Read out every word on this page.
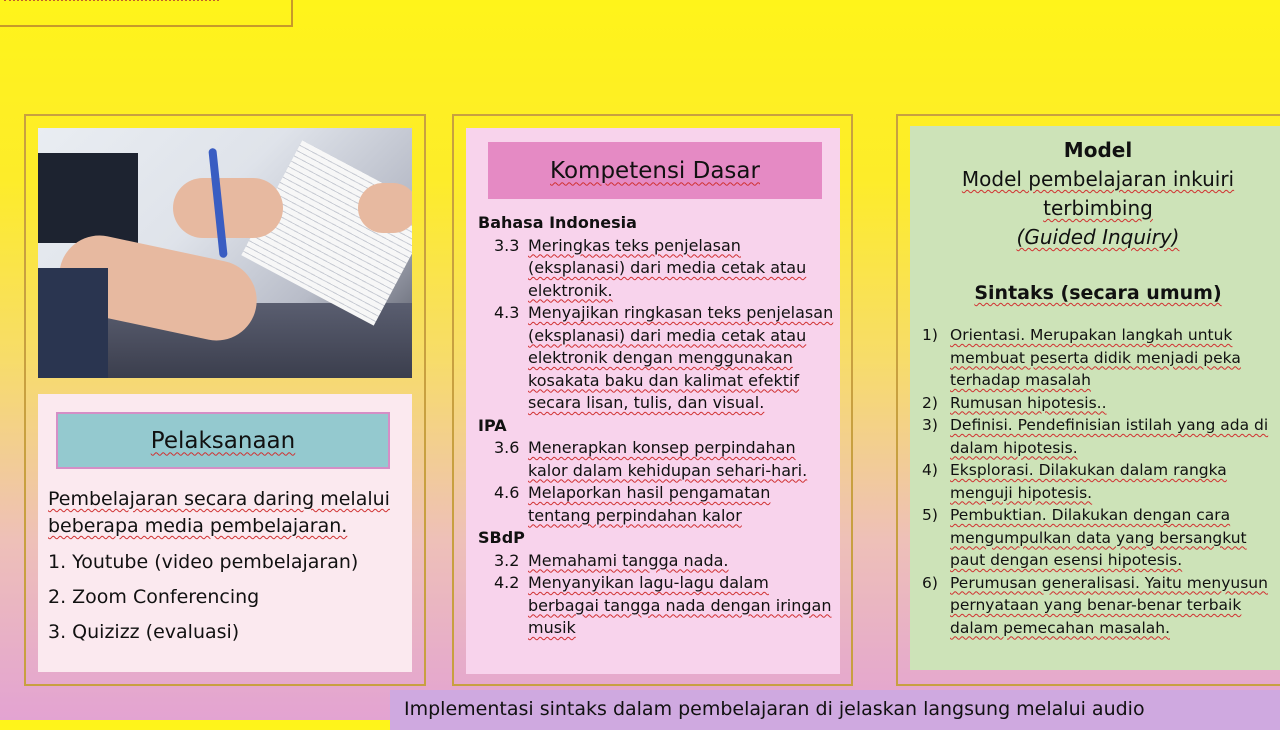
Pelaksanaan
Pembelajaran secara daring melalui beberapa media pembelajaran.
1. Youtube (video pembelajaran)
2. Zoom Conferencing
3. Quizizz (evaluasi)
Kompetensi Dasar
Bahasa Indonesia
3.3 Meringkas teks penjelasan (eksplanasi) dari media cetak atau elektronik.
4.3 Menyajikan ringkasan teks penjelasan (eksplanasi) dari media cetak atau elektronik dengan menggunakan kosakata baku dan kalimat efektif secara lisan, tulis, dan visual.
IPA
3.6 Menerapkan konsep perpindahan kalor dalam kehidupan sehari-hari.
4.6 Melaporkan hasil pengamatan tentang perpindahan kalor
SBdP
3.2 Memahami tangga nada.
4.2 Menyanyikan lagu-lagu dalam berbagai tangga nada dengan iringan musik
Model
Model pembelajaran inkuiri terbimbing
(Guided Inquiry)
Sintaks (secara umum)
1) Orientasi. Merupakan langkah untuk membuat peserta didik menjadi peka terhadap masalah
2) Rumusan hipotesis..
3) Definisi. Pendefinisian istilah yang ada di dalam hipotesis.
4) Eksplorasi. Dilakukan dalam rangka menguji hipotesis.
5) Pembuktian. Dilakukan dengan cara mengumpulkan data yang bersangkut paut dengan esensi hipotesis.
6) Perumusan generalisasi. Yaitu menyusun pernyataan yang benar-benar terbaik dalam pemecahan masalah.
Implementasi sintaks dalam pembelajaran di jelaskan langsung melalui audio
